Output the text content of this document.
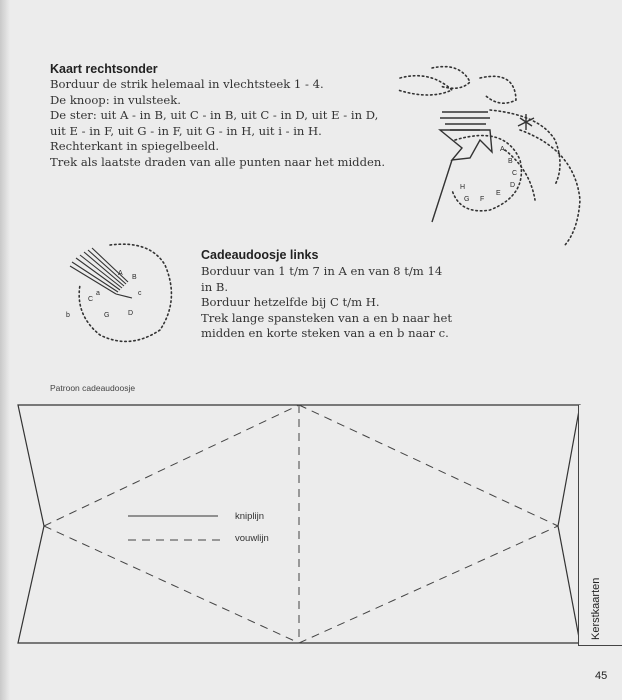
Kaart rechtsonder
Borduur de strik helemaal in vlechtsteek 1 - 4.
De knoop: in vulsteek.
De ster: uit A - in B, uit C - in B, uit C - in D, uit E - in D,
uit E - in F, uit G - in F, uit G - in H, uit i - in H.
Rechterkant in spiegelbeeld.
Trek als laatste draden van alle punten naar het midden.
Cadeaudoosje links
Borduur van 1 t/m 7 in A en van 8 t/m 14
in B.
Borduur hetzelfde bij C t/m H.
Trek lange spansteken van a en b naar het
midden en korte steken van a en b naar c.
A
B
C
D
E
F
G
H
a
b
c
A
B
C
D
G
Patroon cadeaudoosje
kniplijn
vouwlijn
Kerstkaarten
45
